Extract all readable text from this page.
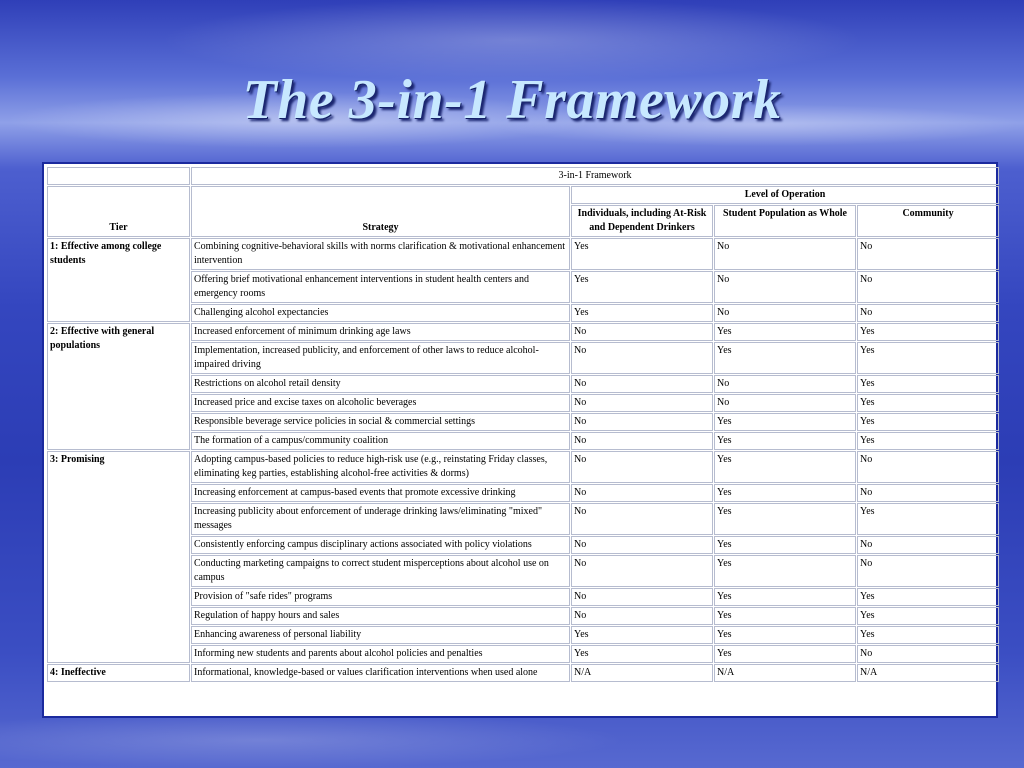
The 3-in-1 Framework
	3-in-1 Framework			
Tier	Strategy	Level of Operation		
		Individuals, including At-Risk and Dependent Drinkers	Student Population as Whole	Community
1: Effective among college students	Combining cognitive-behavioral skills with norms clarification & motivational enhancement intervention	Yes	No	No
	Offering brief motivational enhancement interventions in student health centers and emergency rooms	Yes	No	No
	Challenging alcohol expectancies	Yes	No	No
2: Effective with general populations	Increased enforcement of minimum drinking age laws	No	Yes	Yes
	Implementation, increased publicity, and enforcement of other laws to reduce alcohol-impaired driving	No	Yes	Yes
	Restrictions on alcohol retail density	No	No	Yes
	Increased price and excise taxes on alcoholic beverages	No	No	Yes
	Responsible beverage service policies in social & commercial settings	No	Yes	Yes
	The formation of a campus/community coalition	No	Yes	Yes
3: Promising	Adopting campus-based policies to reduce high-risk use (e.g., reinstating Friday classes, eliminating keg parties, establishing alcohol-free activities & dorms)	No	Yes	No
	Increasing enforcement at campus-based events that promote excessive drinking	No	Yes	No
	Increasing publicity about enforcement of underage drinking laws/eliminating "mixed" messages	No	Yes	Yes
	Consistently enforcing campus disciplinary actions associated with policy violations	No	Yes	No
	Conducting marketing campaigns to correct student misperceptions about alcohol use on campus	No	Yes	No
	Provision of "safe rides" programs	No	Yes	Yes
	Regulation of happy hours and sales	No	Yes	Yes
	Enhancing awareness of personal liability	Yes	Yes	Yes
	Informing new students and parents about alcohol policies and penalties	Yes	Yes	No
4: Ineffective	Informational, knowledge-based or values clarification interventions when used alone	N/A	N/A	N/A
